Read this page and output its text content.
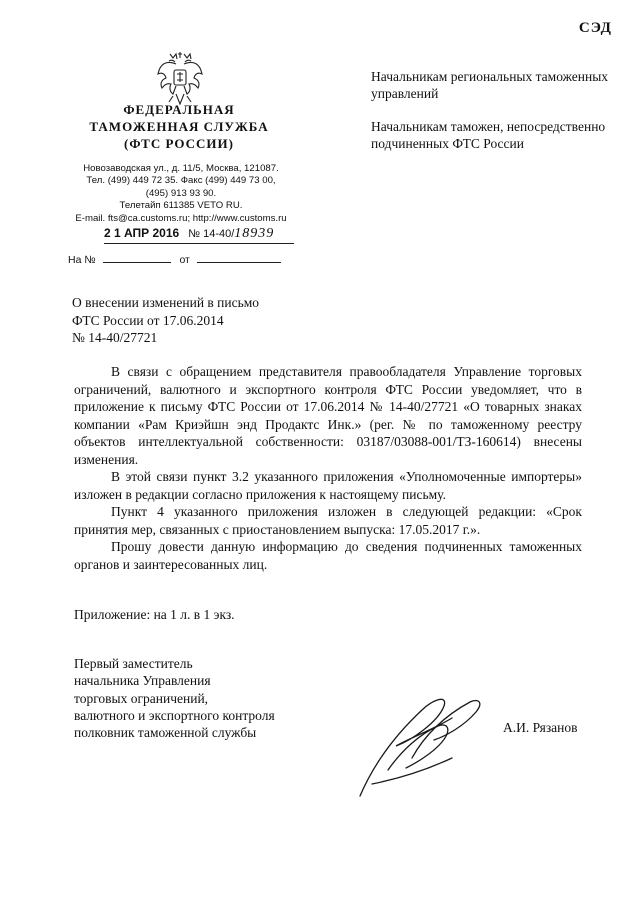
СЭД
ФЕДЕРАЛЬНАЯ
ТАМОЖЕННАЯ СЛУЖБА
(ФТС РОССИИ)
Новозаводская ул., д. 11/5, Москва, 121087.
Тел. (499) 449 72 35. Факс (499) 449 73 00,
(495) 913 93 90.
Телетайп 611385 VETO RU.
E-mail. fts@ca.customs.ru; http://www.customs.ru
2 1 АПР 2016 № 14-40/18939
На №	от

Начальникам региональных таможенных управлений

Начальникам таможен, непосредственно подчиненных ФТС России

О внесении изменений в письмо
ФТС России от 17.06.2014
№ 14-40/27721

В связи с обращением представителя правообладателя Управление торговых ограничений, валютного и экспортного контроля ФТС России уведомляет, что в приложение к письму ФТС России от 17.06.2014 № 14-40/27721 «О товарных знаках компании «Рам Криэйшн энд Продактс Инк.» (рег. № по таможенному реестру объектов интеллектуальной собственности: 03187/03088-001/ТЗ-160614) внесены изменения.

В этой связи пункт 3.2 указанного приложения «Уполномоченные импортеры» изложен в редакции согласно приложения к настоящему письму.

Пункт 4 указанного приложения изложен в следующей редакции: «Срок принятия мер, связанных с приостановлением выпуска: 17.05.2017 г.».

Прошу довести данную информацию до сведения подчиненных таможенных органов и заинтересованных лиц.

Приложение: на 1 л. в 1 экз.
Первый заместитель
начальника Управления
торговых ограничений,
валютного и экспортного контроля
полковник таможенной службы	А.И. Рязанов
